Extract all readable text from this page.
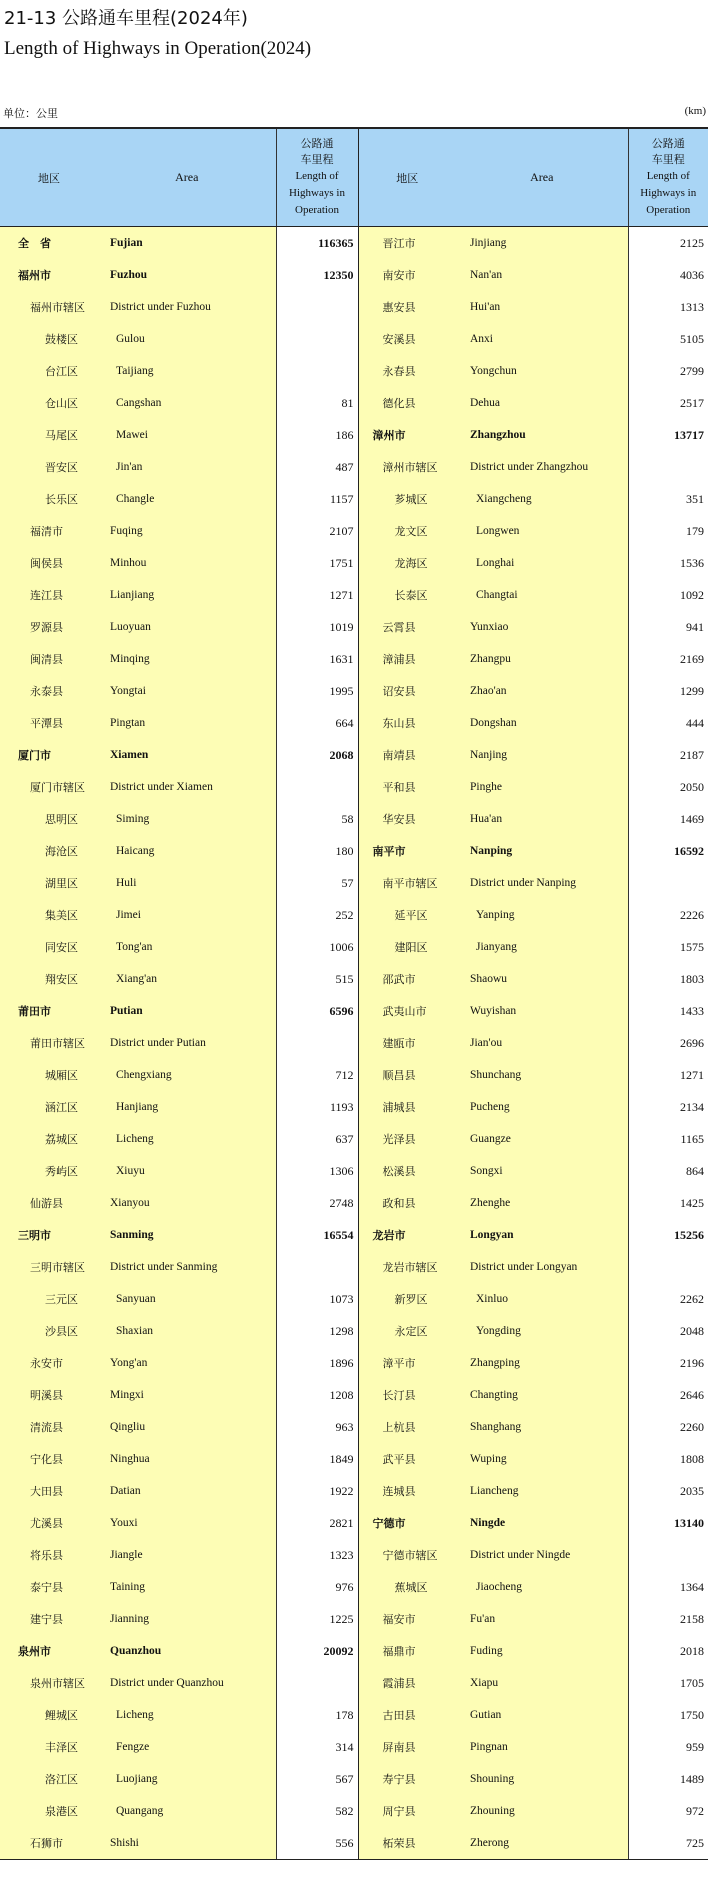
21-13 公路通车里程(2024年)
Length of Highways in Operation(2024)
单位：公里	(km)
地区	Area	公路通
车里程
Length of Highways in Operation	地区	Area	公路通
车里程
Length of Highways in Operation

全　省	Fujian	116365	晋江市	Jinjiang	2125
福州市	Fuzhou	12350	南安市	Nan'an	4036
福州市辖区	District under Fuzhou		惠安县	Hui'an	1313
鼓楼区	Gulou		安溪县	Anxi	5105
台江区	Taijiang		永春县	Yongchun	2799
仓山区	Cangshan	81	德化县	Dehua	2517
马尾区	Mawei	186	漳州市	Zhangzhou	13717
晋安区	Jin'an	487	漳州市辖区	District under Zhangzhou	
长乐区	Changle	1157	芗城区	Xiangcheng	351
福清市	Fuqing	2107	龙文区	Longwen	179
闽侯县	Minhou	1751	龙海区	Longhai	1536
连江县	Lianjiang	1271	长泰区	Changtai	1092
罗源县	Luoyuan	1019	云霄县	Yunxiao	941
闽清县	Minqing	1631	漳浦县	Zhangpu	2169
永泰县	Yongtai	1995	诏安县	Zhao'an	1299
平潭县	Pingtan	664	东山县	Dongshan	444
厦门市	Xiamen	2068	南靖县	Nanjing	2187
厦门市辖区	District under Xiamen		平和县	Pinghe	2050
思明区	Siming	58	华安县	Hua'an	1469
海沧区	Haicang	180	南平市	Nanping	16592
湖里区	Huli	57	南平市辖区	District under Nanping	
集美区	Jimei	252	延平区	Yanping	2226
同安区	Tong'an	1006	建阳区	Jianyang	1575
翔安区	Xiang'an	515	邵武市	Shaowu	1803
莆田市	Putian	6596	武夷山市	Wuyishan	1433
莆田市辖区	District under Putian		建瓯市	Jian'ou	2696
城厢区	Chengxiang	712	顺昌县	Shunchang	1271
涵江区	Hanjiang	1193	浦城县	Pucheng	2134
荔城区	Licheng	637	光泽县	Guangze	1165
秀屿区	Xiuyu	1306	松溪县	Songxi	864
仙游县	Xianyou	2748	政和县	Zhenghe	1425
三明市	Sanming	16554	龙岩市	Longyan	15256
三明市辖区	District under Sanming		龙岩市辖区	District under Longyan	
三元区	Sanyuan	1073	新罗区	Xinluo	2262
沙县区	Shaxian	1298	永定区	Yongding	2048
永安市	Yong'an	1896	漳平市	Zhangping	2196
明溪县	Mingxi	1208	长汀县	Changting	2646
清流县	Qingliu	963	上杭县	Shanghang	2260
宁化县	Ninghua	1849	武平县	Wuping	1808
大田县	Datian	1922	连城县	Liancheng	2035
尤溪县	Youxi	2821	宁德市	Ningde	13140
将乐县	Jiangle	1323	宁德市辖区	District under Ningde	
泰宁县	Taining	976	蕉城区	Jiaocheng	1364
建宁县	Jianning	1225	福安市	Fu'an	2158
泉州市	Quanzhou	20092	福鼎市	Fuding	2018
泉州市辖区	District under Quanzhou		霞浦县	Xiapu	1705
鲤城区	Licheng	178	古田县	Gutian	1750
丰泽区	Fengze	314	屏南县	Pingnan	959
洛江区	Luojiang	567	寿宁县	Shouning	1489
泉港区	Quangang	582	周宁县	Zhouning	972
石狮市	Shishi	556	柘荣县	Zherong	725
